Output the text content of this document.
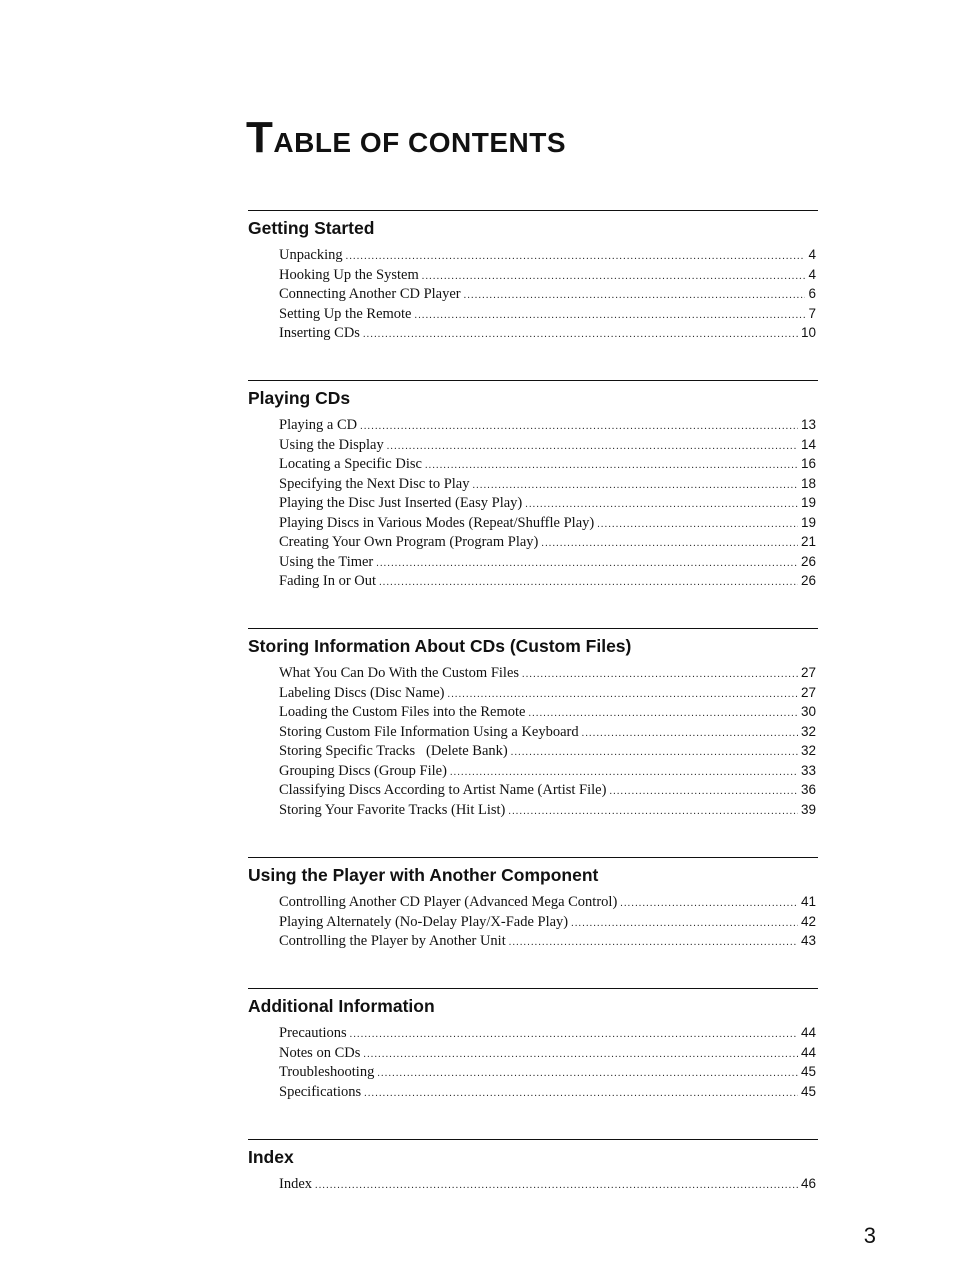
TABLE OF CONTENTS
Getting Started
Unpacking .....	4
Hooking Up the System .....	4
Connecting Another CD Player .....	6
Setting Up the Remote .....	7
Inserting CDs .....	10
Playing CDs
Playing a CD .....	13
Using the Display .....	14
Locating a Specific Disc .....	16
Specifying the Next Disc to Play .....	18
Playing the Disc Just Inserted (Easy Play) .....	19
Playing Discs in Various Modes (Repeat/Shuffle Play) .....	19
Creating Your Own Program (Program Play) .....	21
Using the Timer .....	26
Fading In or Out .....	26
Storing Information About CDs (Custom Files)
What You Can Do With the Custom Files .....	27
Labeling Discs (Disc Name) .....	27
Loading the Custom Files into the Remote .....	30
Storing Custom File Information Using a Keyboard .....	32
Storing Specific Tracks   (Delete Bank) .....	32
Grouping Discs (Group File) .....	33
Classifying Discs According to Artist Name (Artist File) .....	36
Storing Your Favorite Tracks (Hit List) .....	39
Using the Player with Another Component
Controlling Another CD Player (Advanced Mega Control) .....	41
Playing Alternately (No-Delay Play/X-Fade Play) .....	42
Controlling the Player by Another Unit .....	43
Additional Information
Precautions .....	44
Notes on CDs .....	44
Troubleshooting .....	45
Specifications .....	45
Index
Index .....	46
3
